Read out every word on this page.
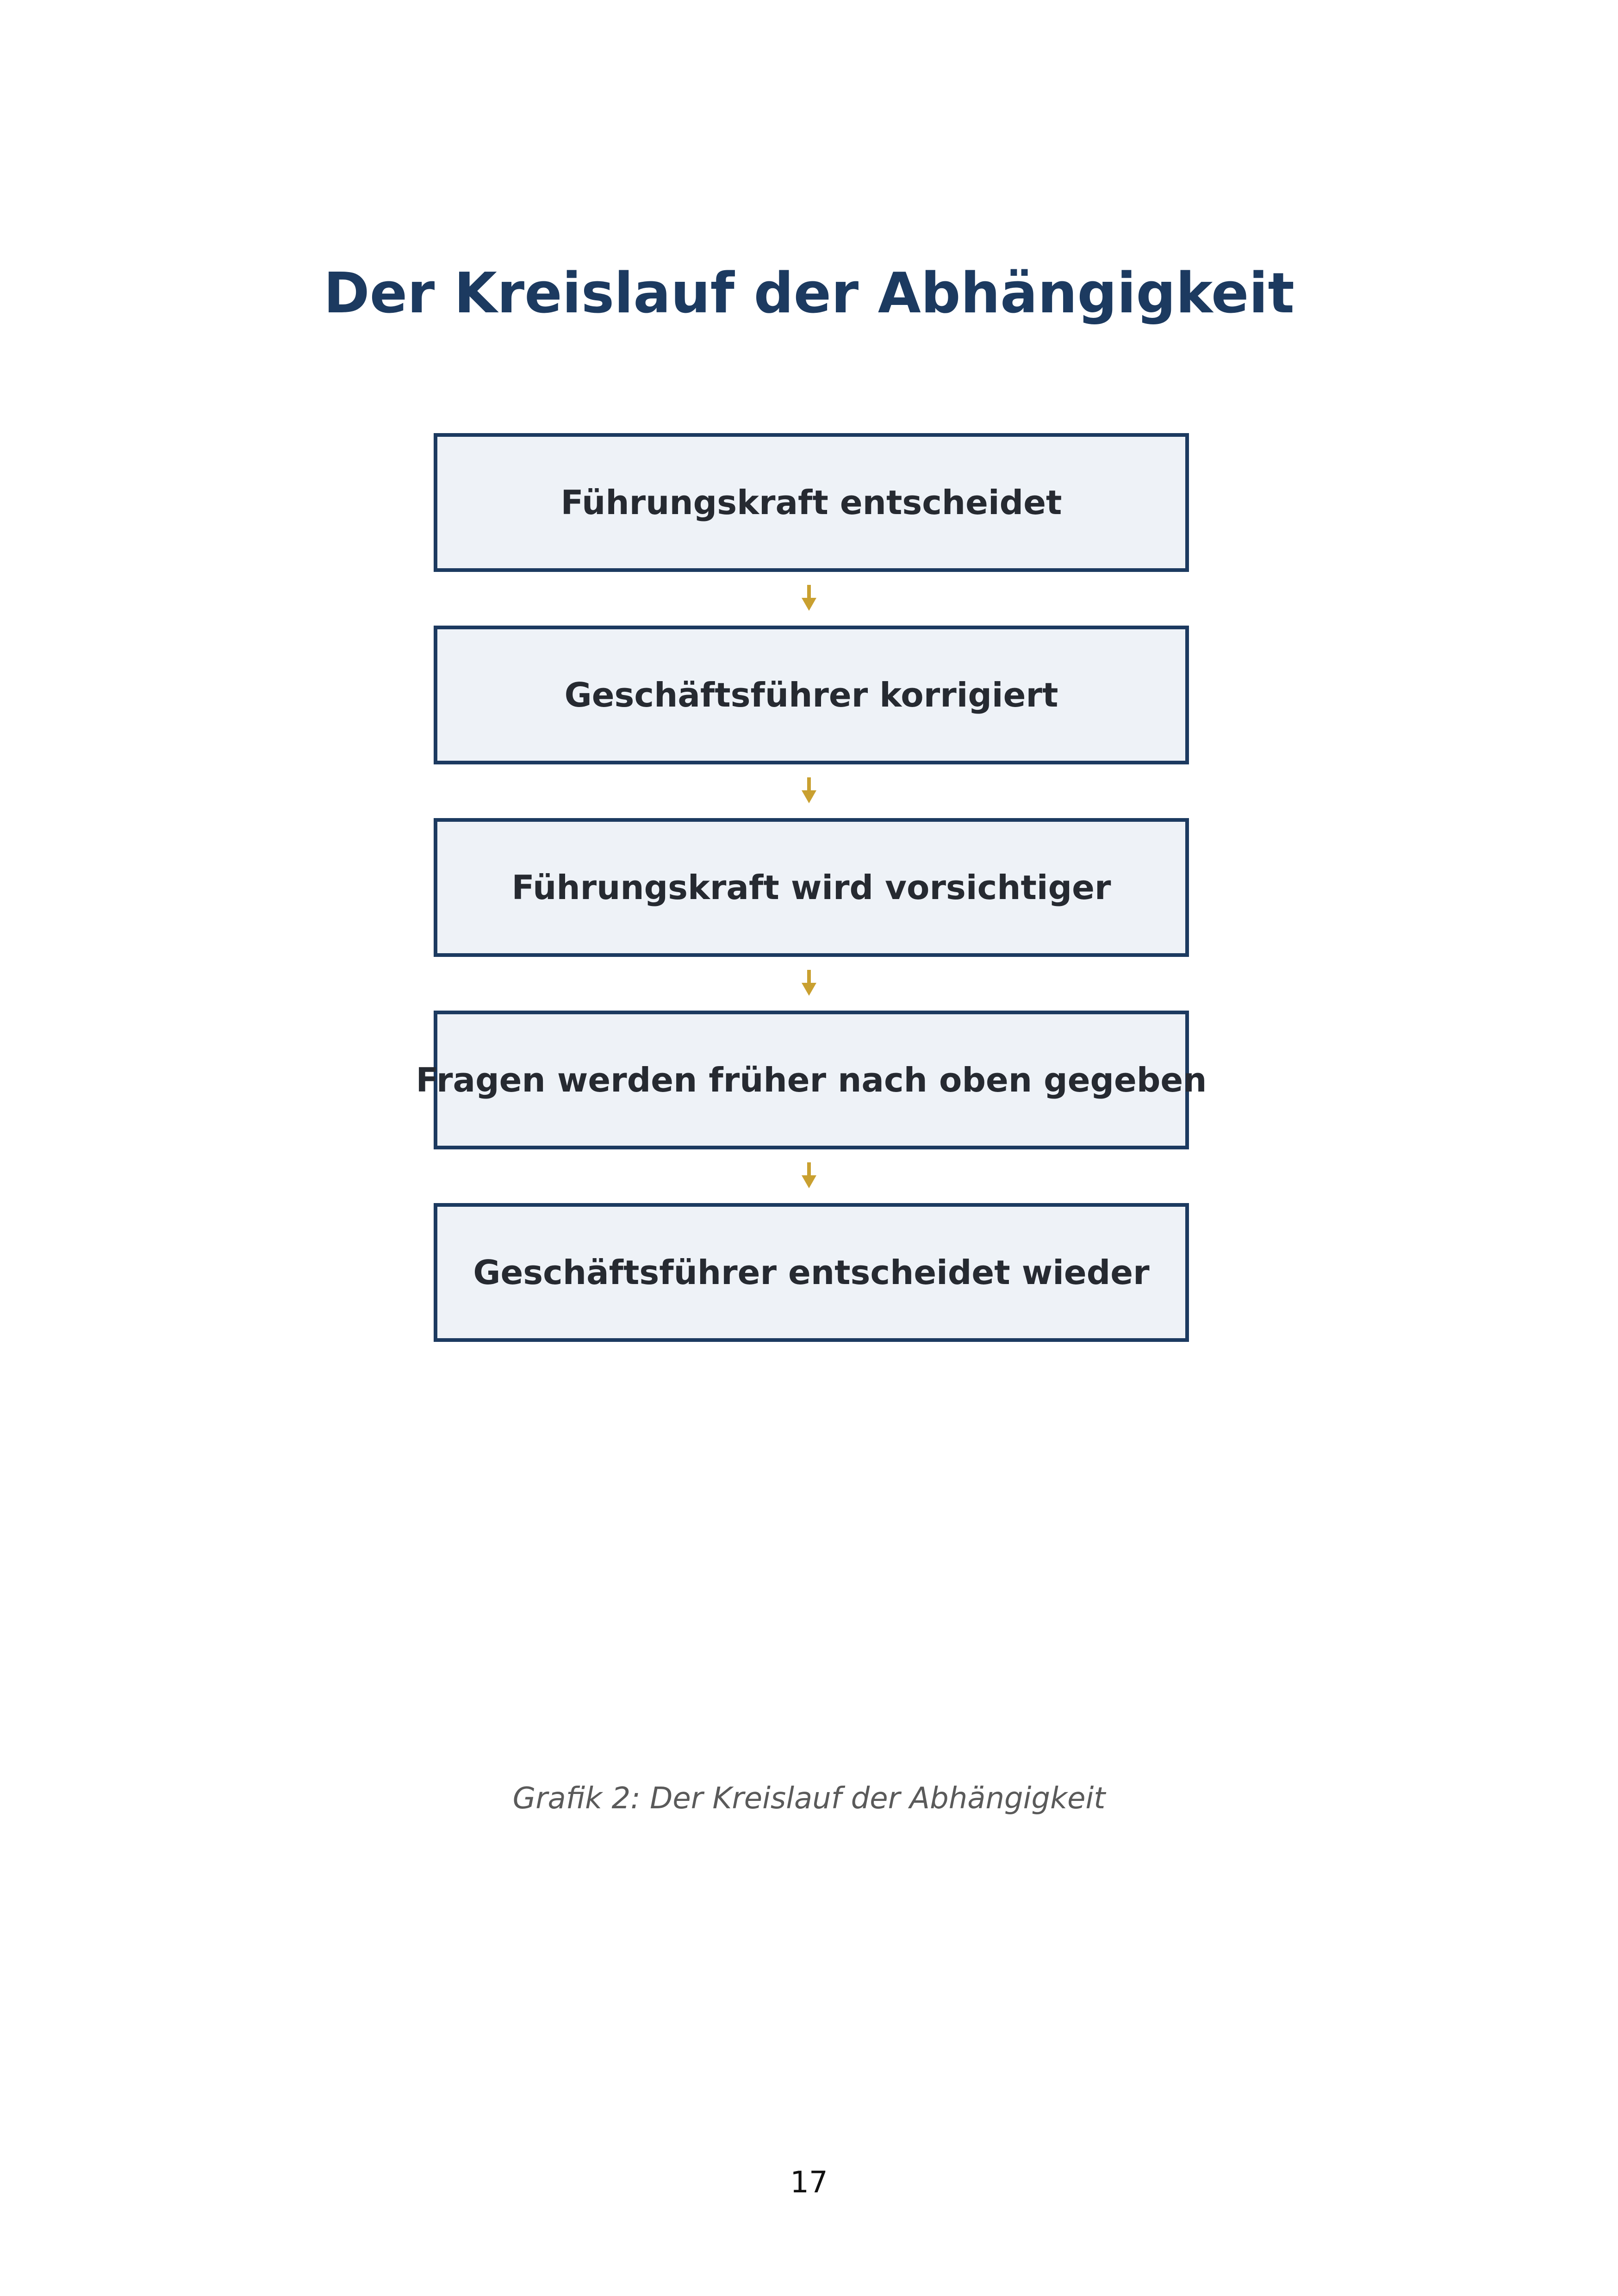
Der Kreislauf der Abhängigkeit
Führungskraft entscheidet
Geschäftsführer korrigiert
Führungskraft wird vorsichtiger
Fragen werden früher nach oben gegeben
Geschäftsführer entscheidet wieder
Grafik 2: Der Kreislauf der Abhängigkeit
17
